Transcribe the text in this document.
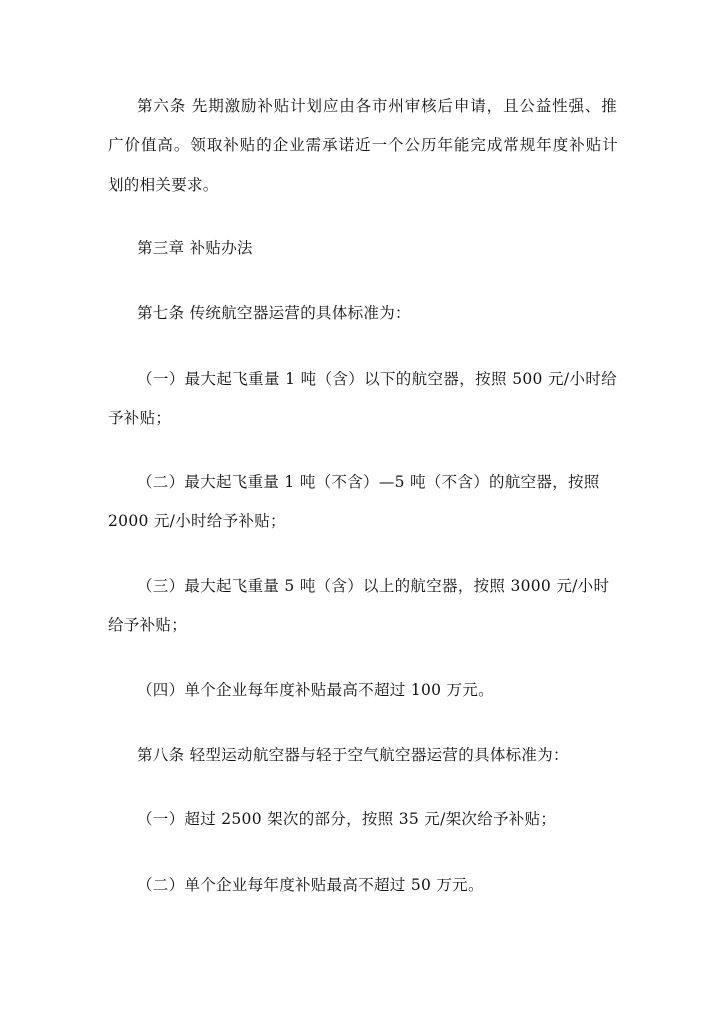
第六条 先期激励补贴计划应由各市州审核后申请，且公益性强、推
广价值高。领取补贴的企业需承诺近一个公历年能完成常规年度补贴计
划的相关要求。
第三章 补贴办法
第七条 传统航空器运营的具体标准为：
（一）最大起飞重量 1 吨（含）以下的航空器，按照 500 元/小时给
予补贴；
（二）最大起飞重量 1 吨（不含）—5 吨（不含）的航空器，按照
2000 元/小时给予补贴；
（三）最大起飞重量 5 吨（含）以上的航空器，按照 3000 元/小时
给予补贴；
（四）单个企业每年度补贴最高不超过 100 万元。
第八条 轻型运动航空器与轻于空气航空器运营的具体标准为：
（一）超过 2500 架次的部分，按照 35 元/架次给予补贴；
（二）单个企业每年度补贴最高不超过 50 万元。
